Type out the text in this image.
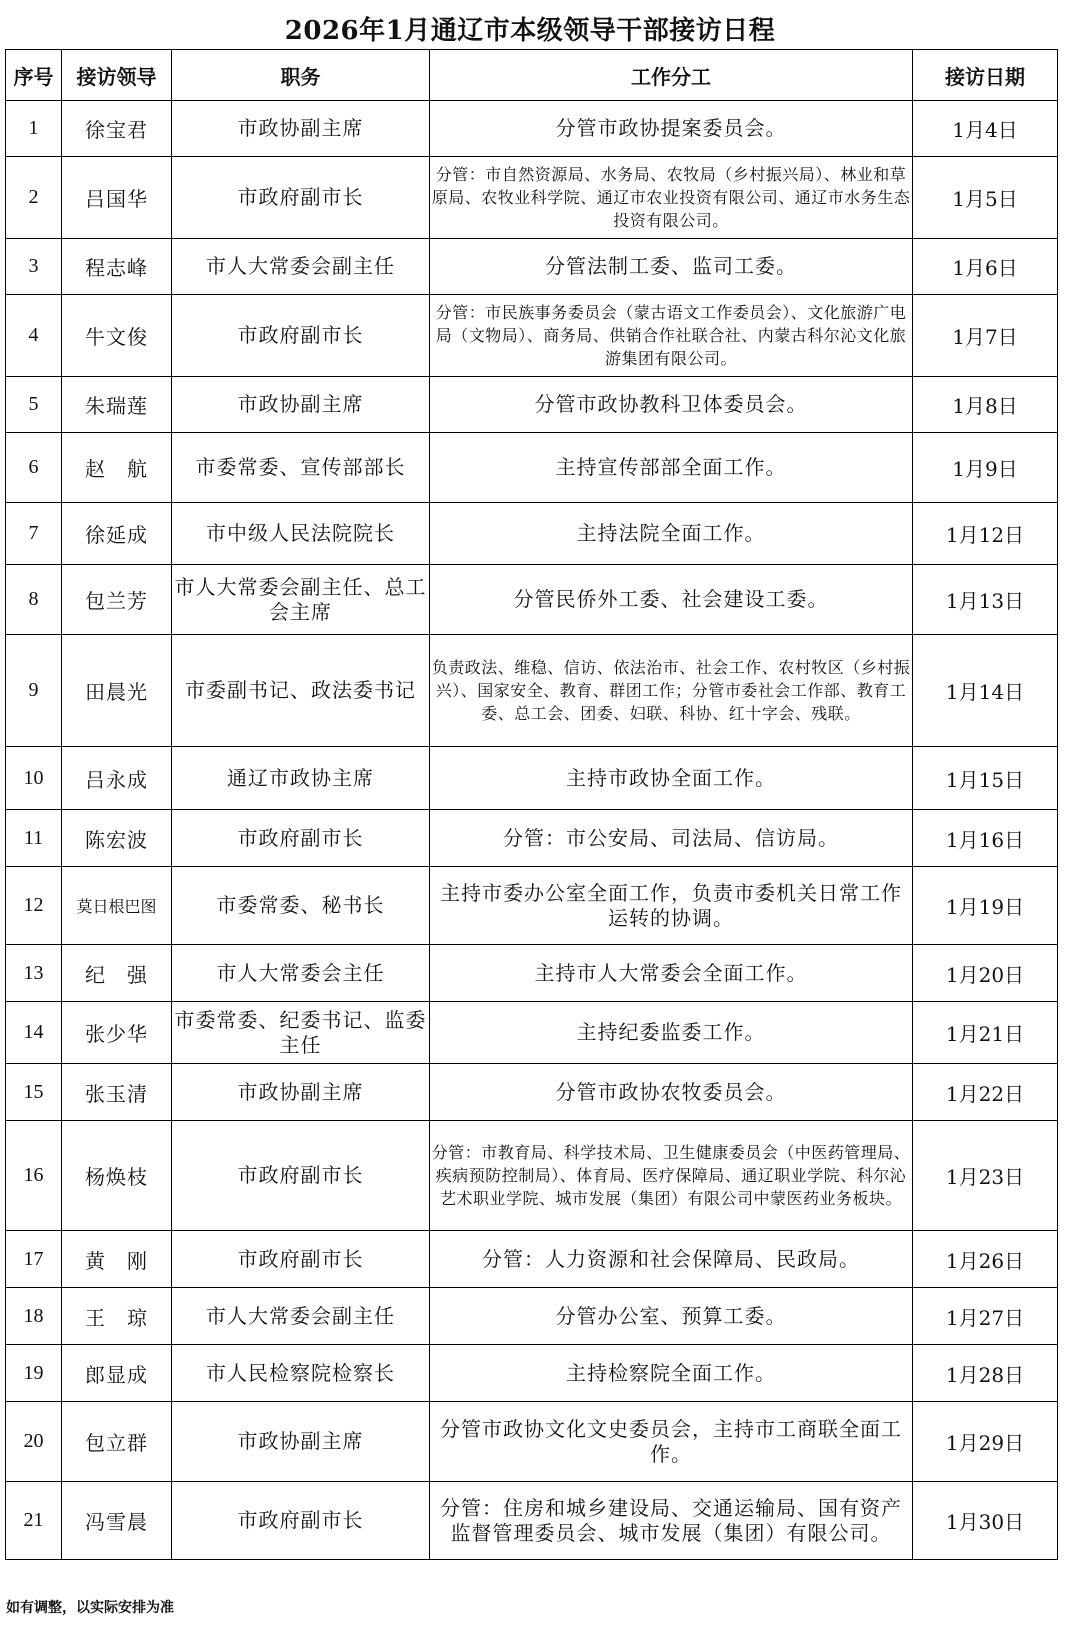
2026年1月通辽市本级领导干部接访日程
序号	接访领导	职务	工作分工	接访日期
1	徐宝君	市政协副主席	分管市政协提案委员会。	1月4日
2	吕国华	市政府副市长	分管：市自然资源局、水务局、农牧局（乡村振兴局）、林业和草原局、农牧业科学院、通辽市农业投资有限公司、通辽市水务生态投资有限公司。	1月5日
3	程志峰	市人大常委会副主任	分管法制工委、监司工委。	1月6日
4	牛文俊	市政府副市长	分管：市民族事务委员会（蒙古语文工作委员会）、文化旅游广电局（文物局）、商务局、供销合作社联合社、内蒙古科尔沁文化旅游集团有限公司。	1月7日
5	朱瑞莲	市政协副主席	分管市政协教科卫体委员会。	1月8日
6	赵　航	市委常委、宣传部部长	主持宣传部部全面工作。	1月9日
7	徐延成	市中级人民法院院长	主持法院全面工作。	1月12日
8	包兰芳	市人大常委会副主任、总工会主席	分管民侨外工委、社会建设工委。	1月13日
9	田晨光	市委副书记、政法委书记	负责政法、维稳、信访、依法治市、社会工作、农村牧区（乡村振兴）、国家安全、教育、群团工作；分管市委社会工作部、教育工委、总工会、团委、妇联、科协、红十字会、残联。	1月14日
10	吕永成	通辽市政协主席	主持市政协全面工作。	1月15日
11	陈宏波	市政府副市长	分管：市公安局、司法局、信访局。	1月16日
12	莫日根巴图	市委常委、秘书长	主持市委办公室全面工作，负责市委机关日常工作运转的协调。	1月19日
13	纪　强	市人大常委会主任	主持市人大常委会全面工作。	1月20日
14	张少华	市委常委、纪委书记、监委主任	主持纪委监委工作。	1月21日
15	张玉清	市政协副主席	分管市政协农牧委员会。	1月22日
16	杨焕枝	市政府副市长	分管：市教育局、科学技术局、卫生健康委员会（中医药管理局、疾病预防控制局）、体育局、医疗保障局、通辽职业学院、科尔沁艺术职业学院、城市发展（集团）有限公司中蒙医药业务板块。	1月23日
17	黄　刚	市政府副市长	分管：人力资源和社会保障局、民政局。	1月26日
18	王　琼	市人大常委会副主任	分管办公室、预算工委。	1月27日
19	郎显成	市人民检察院检察长	主持检察院全面工作。	1月28日
20	包立群	市政协副主席	分管市政协文化文史委员会，主持市工商联全面工作。	1月29日
21	冯雪晨	市政府副市长	分管：住房和城乡建设局、交通运输局、国有资产监督管理委员会、城市发展（集团）有限公司。	1月30日
如有调整，以实际安排为准
